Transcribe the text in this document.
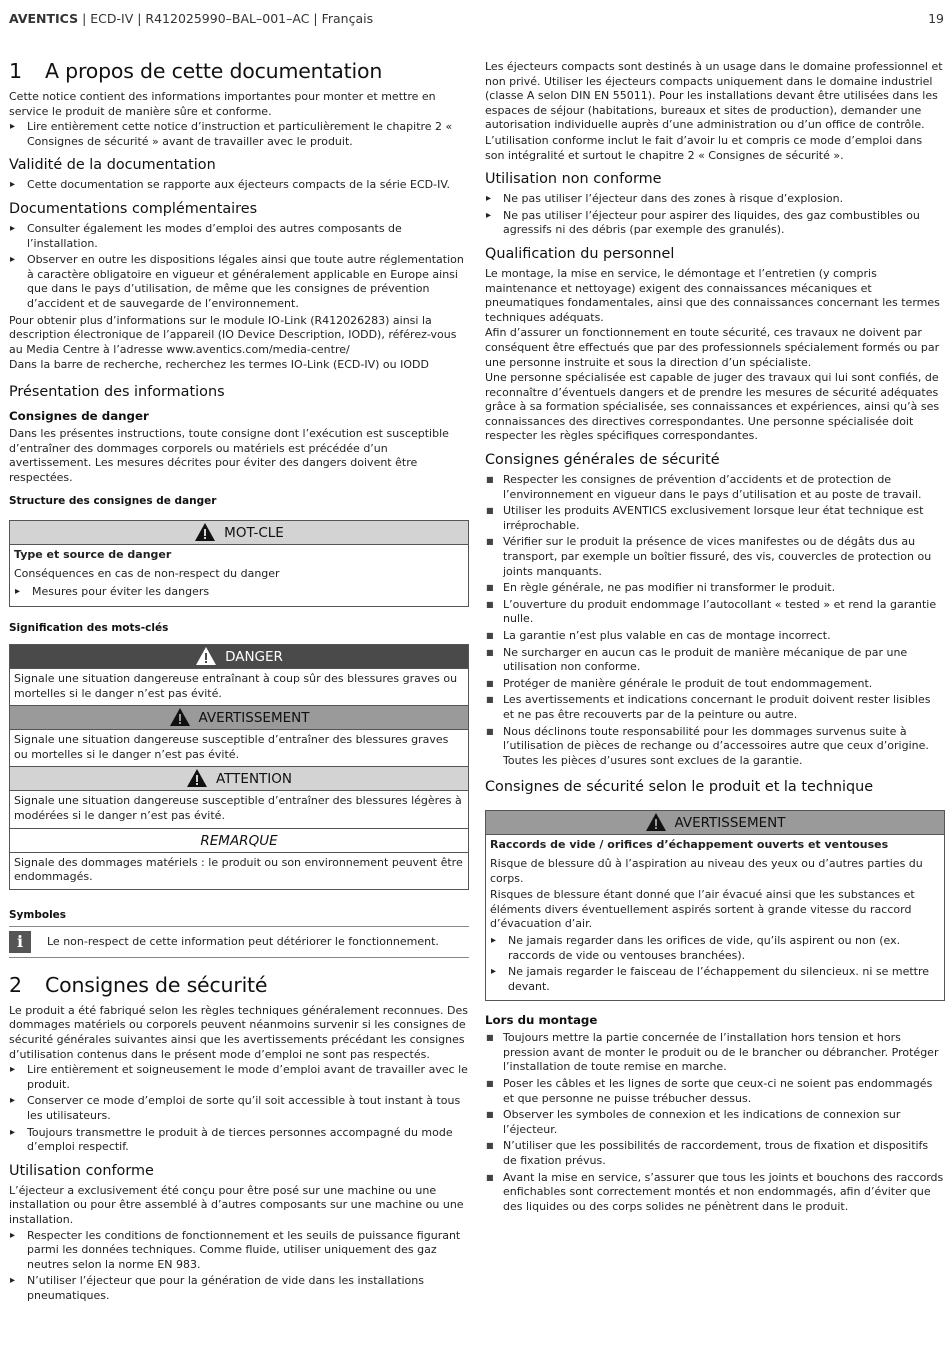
AVENTICS | ECD-IV | R412025990–BAL–001–AC | Français	19
1 A propos de cette documentation

Cette notice contient des informations importantes pour monter et mettre en service le produit de manière sûre et conforme.

▸ Lire entièrement cette notice d’instruction et particulièrement le chapitre 2 « Consignes de sécurité » avant de travailler avec le produit.
Validité de la documentation
▸ Cette documentation se rapporte aux éjecteurs compacts de la série ECD-IV.
Documentations complémentaires
▸ Consulter également les modes d’emploi des autres composants de l’installation.
▸ Observer en outre les dispositions légales ainsi que toute autre réglementation à caractère obligatoire en vigueur et généralement applicable en Europe ainsi que dans le pays d’utilisation, de même que les consignes de prévention d’accident et de sauvegarde de l’environnement.

Pour obtenir plus d’informations sur le module IO-Link (R412026283) ainsi la description électronique de l’appareil (IO Device Description, IODD), référez-vous au Media Centre à l’adresse www.aventics.com/media-centre/

Dans la barre de recherche, recherchez les termes IO-Link (ECD-IV) ou IODD

Présentation des informations
Consignes de danger

Dans les présentes instructions, toute consigne dont l’exécution est susceptible d’entraîner des dommages corporels ou matériels est précédée d’un avertissement. Les mesures décrites pour éviter des dangers doivent être respectées.

Structure des consignes de danger
MOT-CLE

Type et source de danger

Conséquences en cas de non-respect du danger

▸ Mesures pour éviter les dangers
Signification des mots-clés
DANGER
Signale une situation dangereuse entraînant à coup sûr des blessures graves ou mortelles si le danger n’est pas évité.
AVERTISSEMENT
Signale une situation dangereuse susceptible d’entraîner des blessures graves ou mortelles si le danger n’est pas évité.
ATTENTION
Signale une situation dangereuse susceptible d’entraîner des blessures légères à modérées si le danger n’est pas évité.
REMARQUE
Signale des dommages matériels : le produit ou son environnement peuvent être endommagés.
Symboles
i	Le non-respect de cette information peut détériorer le fonctionnement.
2 Consignes de sécurité

Le produit a été fabriqué selon les règles techniques généralement reconnues. Des dommages matériels ou corporels peuvent néanmoins survenir si les consignes de sécurité générales suivantes ainsi que les avertissements précédant les consignes d’utilisation contenus dans le présent mode d’emploi ne sont pas respectés.

▸ Lire entièrement et soigneusement le mode d’emploi avant de travailler avec le produit.
▸ Conserver ce mode d’emploi de sorte qu’il soit accessible à tout instant à tous les utilisateurs.
▸ Toujours transmettre le produit à de tierces personnes accompagné du mode d’emploi respectif.
Utilisation conforme

L’éjecteur a exclusivement été conçu pour être posé sur une machine ou une installation ou pour être assemblé à d’autres composants sur une machine ou une installation.

▸ Respecter les conditions de fonctionnement et les seuils de puissance figurant parmi les données techniques. Comme fluide, utiliser uniquement des gaz neutres selon la norme EN 983.
▸ N’utiliser l’éjecteur que pour la génération de vide dans les installations pneumatiques.

Les éjecteurs compacts sont destinés à un usage dans le domaine professionnel et non privé. Utiliser les éjecteurs compacts uniquement dans le domaine industriel (classe A selon DIN EN 55011). Pour les installations devant être utilisées dans les espaces de séjour (habitations, bureaux et sites de production), demander une autorisation individuelle auprès d’une administration ou d’un office de contrôle.

L’utilisation conforme inclut le fait d’avoir lu et compris ce mode d’emploi dans son intégralité et surtout le chapitre 2 « Consignes de sécurité ».

Utilisation non conforme
▸ Ne pas utiliser l’éjecteur dans des zones à risque d’explosion.
▸ Ne pas utiliser l’éjecteur pour aspirer des liquides, des gaz combustibles ou agressifs ni des débris (par exemple des granulés).
Qualification du personnel

Le montage, la mise en service, le démontage et l’entretien (y compris maintenance et nettoyage) exigent des connaissances mécaniques et pneumatiques fondamentales, ainsi que des connaissances concernant les termes techniques adéquats.

Afin d’assurer un fonctionnement en toute sécurité, ces travaux ne doivent par conséquent être effectués que par des professionnels spécialement formés ou par une personne instruite et sous la direction d’un spécialiste.

Une personne spécialisée est capable de juger des travaux qui lui sont confiés, de reconnaître d’éventuels dangers et de prendre les mesures de sécurité adéquates grâce à sa formation spécialisée, ses connaissances et expériences, ainsi qu’à ses connaissances des directives correspondantes. Une personne spécialisée doit respecter les règles spécifiques correspondantes.

Consignes générales de sécurité
■ Respecter les consignes de prévention d’accidents et de protection de l’environnement en vigueur dans le pays d’utilisation et au poste de travail.
■ Utiliser les produits AVENTICS exclusivement lorsque leur état technique est irréprochable.
■ Vérifier sur le produit la présence de vices manifestes ou de dégâts dus au transport, par exemple un boîtier fissuré, des vis, couvercles de protection ou joints manquants.
■ En règle générale, ne pas modifier ni transformer le produit.
■ L’ouverture du produit endommage l’autocollant « tested » et rend la garantie nulle.
■ La garantie n’est plus valable en cas de montage incorrect.
■ Ne surcharger en aucun cas le produit de manière mécanique de par une utilisation non conforme.
■ Protéger de manière générale le produit de tout endommagement.
■ Les avertissements et indications concernant le produit doivent rester lisibles et ne pas être recouverts par de la peinture ou autre.
■ Nous déclinons toute responsabilité pour les dommages survenus suite à l’utilisation de pièces de rechange ou d’accessoires autre que ceux d’origine. Toutes les pièces d’usures sont exclues de la garantie.
Consignes de sécurité selon le produit et la technique
AVERTISSEMENT

Raccords de vide / orifices d’échappement ouverts et ventouses

Risque de blessure dû à l’aspiration au niveau des yeux ou d’autres parties du corps.

Risques de blessure étant donné que l’air évacué ainsi que les substances et éléments divers éventuellement aspirés sortent à grande vitesse du raccord d’évacuation d’air.

▸ Ne jamais regarder dans les orifices de vide, qu’ils aspirent ou non (ex. raccords de vide ou ventouses branchées).
▸ Ne jamais regarder le faisceau de l’échappement du silencieux. ni se mettre devant.
Lors du montage
■ Toujours mettre la partie concernée de l’installation hors tension et hors pression avant de monter le produit ou de le brancher ou débrancher. Protéger l’installation de toute remise en marche.
■ Poser les câbles et les lignes de sorte que ceux-ci ne soient pas endommagés et que personne ne puisse trébucher dessus.
■ Observer les symboles de connexion et les indications de connexion sur l’éjecteur.
■ N’utiliser que les possibilités de raccordement, trous de fixation et dispositifs de fixation prévus.
■ Avant la mise en service, s’assurer que tous les joints et bouchons des raccords enfichables sont correctement montés et non endommagés, afin d’éviter que des liquides ou des corps solides ne pénètrent dans le produit.
